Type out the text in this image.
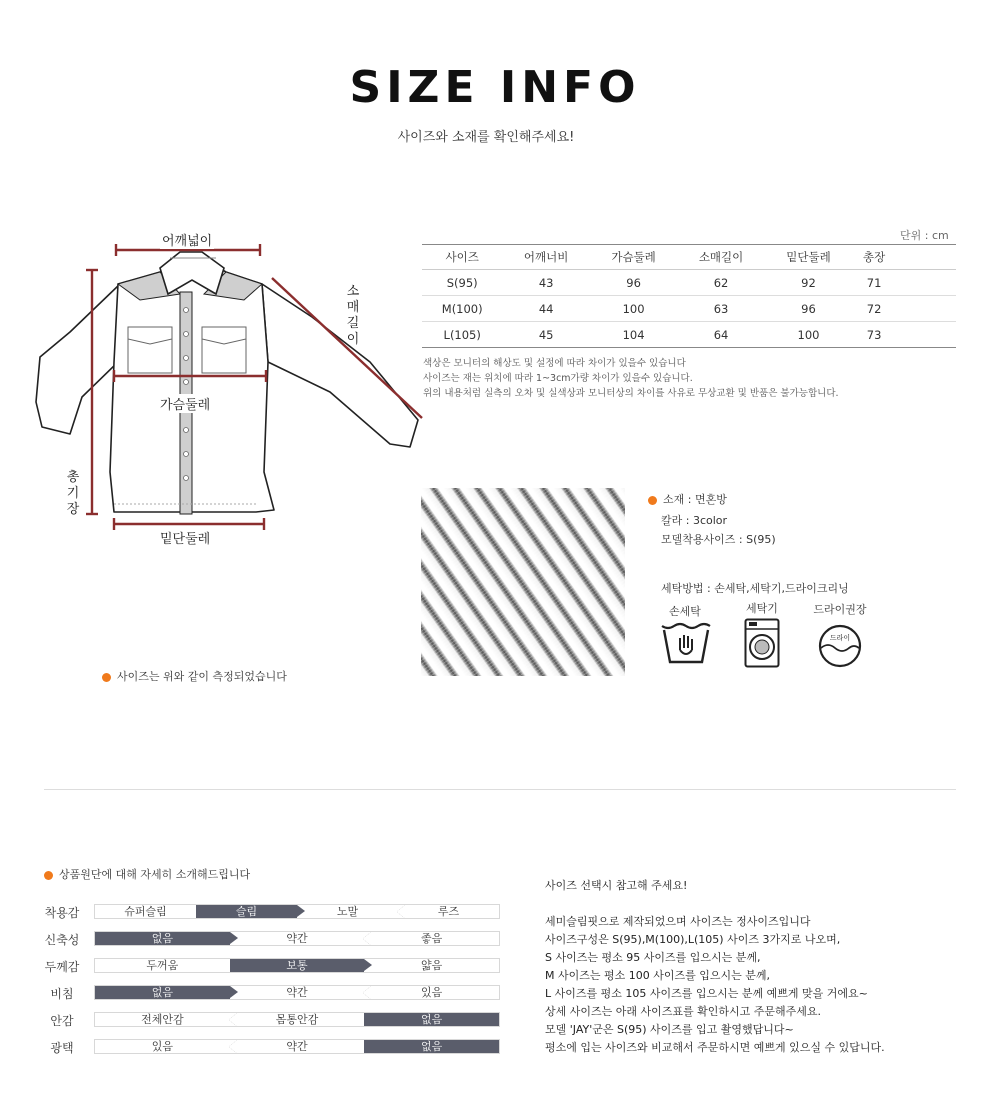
SIZE INFO
사이즈와 소재를 확인해주세요!
어깨넓이
가슴둘레
밑단둘레
소
매
길
이
총
기
장
단위 : cm
사이즈	어깨너비	가슴둘레	소매길이	밑단둘레	총장	
S(95)	43	96	62	92	71	
M(100)	44	100	63	96	72	
L(105)	45	104	64	100	73	
색상은 모니터의 해상도 및 설정에 따라 차이가 있을수 있습니다
사이즈는 재는 위치에 따라 1~3cm가량 차이가 있을수 있습니다.
위의 내용처럼 실측의 오차 및 실색상과 모니터상의 차이를 사유로 무상교환 및 반품은 불가능합니다.
소재 : 면혼방
칼라 : 3color
모델착용사이즈 : S(95)
세탁방법 : 손세탁,세탁기,드라이크리닝
손세탁	세탁기	드라이권장
드라이
사이즈는 위와 같이 측정되었습니다
상품원단에 대해 자세히 소개해드립니다
착용감	슈퍼슬림	슬림	노말	루즈
신축성	없음	약간	좋음
두께감	두꺼움	보통	얇음
비침	없음	약간	있음
안감	전체안감	몸통안감	없음
광택	있음	약간	없음
사이즈 선택시 참고해 주세요!
세미슬림핏으로 제작되었으며 사이즈는 정사이즈입니다
사이즈구성은 S(95),M(100),L(105) 사이즈 3가지로 나오며,
S 사이즈는 평소 95 사이즈를 입으시는 분께,
M 사이즈는 평소 100 사이즈를 입으시는 분께,
L 사이즈를 평소 105 사이즈를 입으시는 분께 예쁘게 맞을 거에요~
상세 사이즈는 아래 사이즈표를 확인하시고 주문해주세요.
모델 'JAY'군은 S(95) 사이즈를 입고 촬영했답니다~
평소에 입는 사이즈와 비교해서 주문하시면 예쁘게 있으실 수 있답니다.
